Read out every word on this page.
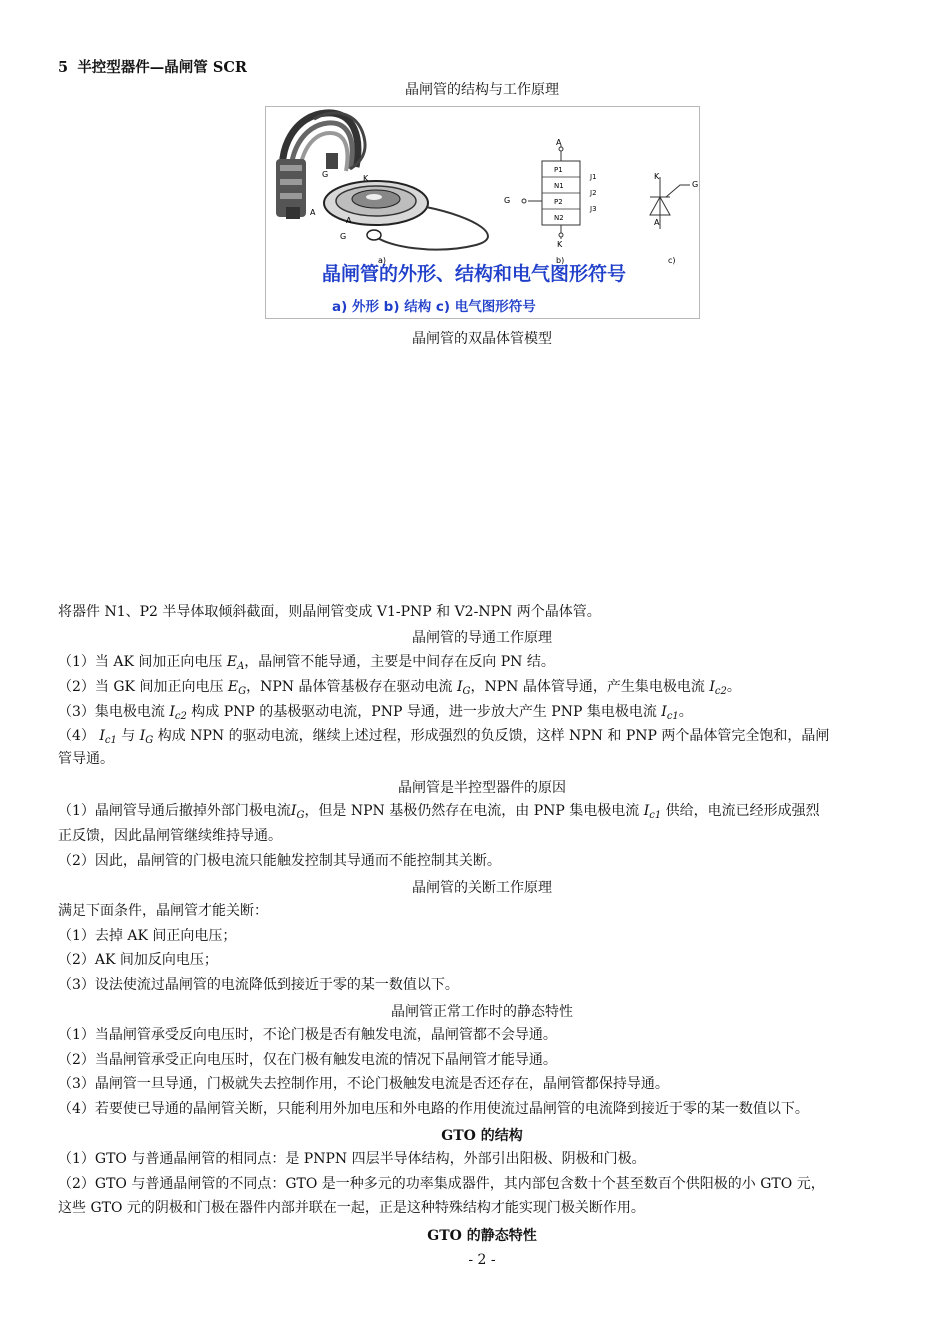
5 半控型器件—晶闸管 SCR
晶闸管的结构与工作原理
G	K
A
A
G
a)
A
G
K
P1
N1
P2
N2
J1
J2
J3
b)
K
G
A
c)
晶闸管的外形、结构和电气图形符号
a) 外形 b) 结构 c) 电气图形符号
晶闸管的双晶体管模型
将器件 N1、P2 半导体取倾斜截面，则晶闸管变成 V1-PNP 和 V2-NPN 两个晶体管。
晶闸管的导通工作原理
（1）当 AK 间加正向电压 $E_A$，晶闸管不能导通，主要是中间存在反向 PN 结。
（2）当 GK 间加正向电压 $E_G$，NPN 晶体管基极存在驱动电流 $I_G$，NPN 晶体管导通，产生集电极电流 $I_{c2}$。
（3）集电极电流 $I_{c2}$ 构成 PNP 的基极驱动电流，PNP 导通，进一步放大产生 PNP 集电极电流 $I_{c1}$。
（4） $I_{c1}$ 与 $I_G$ 构成 NPN 的驱动电流，继续上述过程，形成强烈的负反馈，这样 NPN 和 PNP 两个晶体管完全饱和，晶闸
管导通。
晶闸管是半控型器件的原因
（1）晶闸管导通后撤掉外部门极电流$I_G$，但是 NPN 基极仍然存在电流，由 PNP 集电极电流 $I_{c1}$ 供给，电流已经形成强烈
正反馈，因此晶闸管继续维持导通。
（2）因此，晶闸管的门极电流只能触发控制其导通而不能控制其关断。
晶闸管的关断工作原理
满足下面条件，晶闸管才能关断：
（1）去掉 AK 间正向电压；
（2）AK 间加反向电压；
（3）设法使流过晶闸管的电流降低到接近于零的某一数值以下。
晶闸管正常工作时的静态特性
（1）当晶闸管承受反向电压时，不论门极是否有触发电流，晶闸管都不会导通。
（2）当晶闸管承受正向电压时，仅在门极有触发电流的情况下晶闸管才能导通。
（3）晶闸管一旦导通，门极就失去控制作用，不论门极触发电流是否还存在，晶闸管都保持导通。
（4）若要使已导通的晶闸管关断，只能利用外加电压和外电路的作用使流过晶闸管的电流降到接近于零的某一数值以下。
GTO 的结构
（1）GTO 与普通晶闸管的相同点：是 PNPN 四层半导体结构，外部引出阳极、阴极和门极。
（2）GTO 与普通晶闸管的不同点：GTO 是一种多元的功率集成器件，其内部包含数十个甚至数百个供阳极的小 GTO 元，
这些 GTO 元的阴极和门极在器件内部并联在一起，正是这种特殊结构才能实现门极关断作用。
GTO 的静态特性
- 2 -
